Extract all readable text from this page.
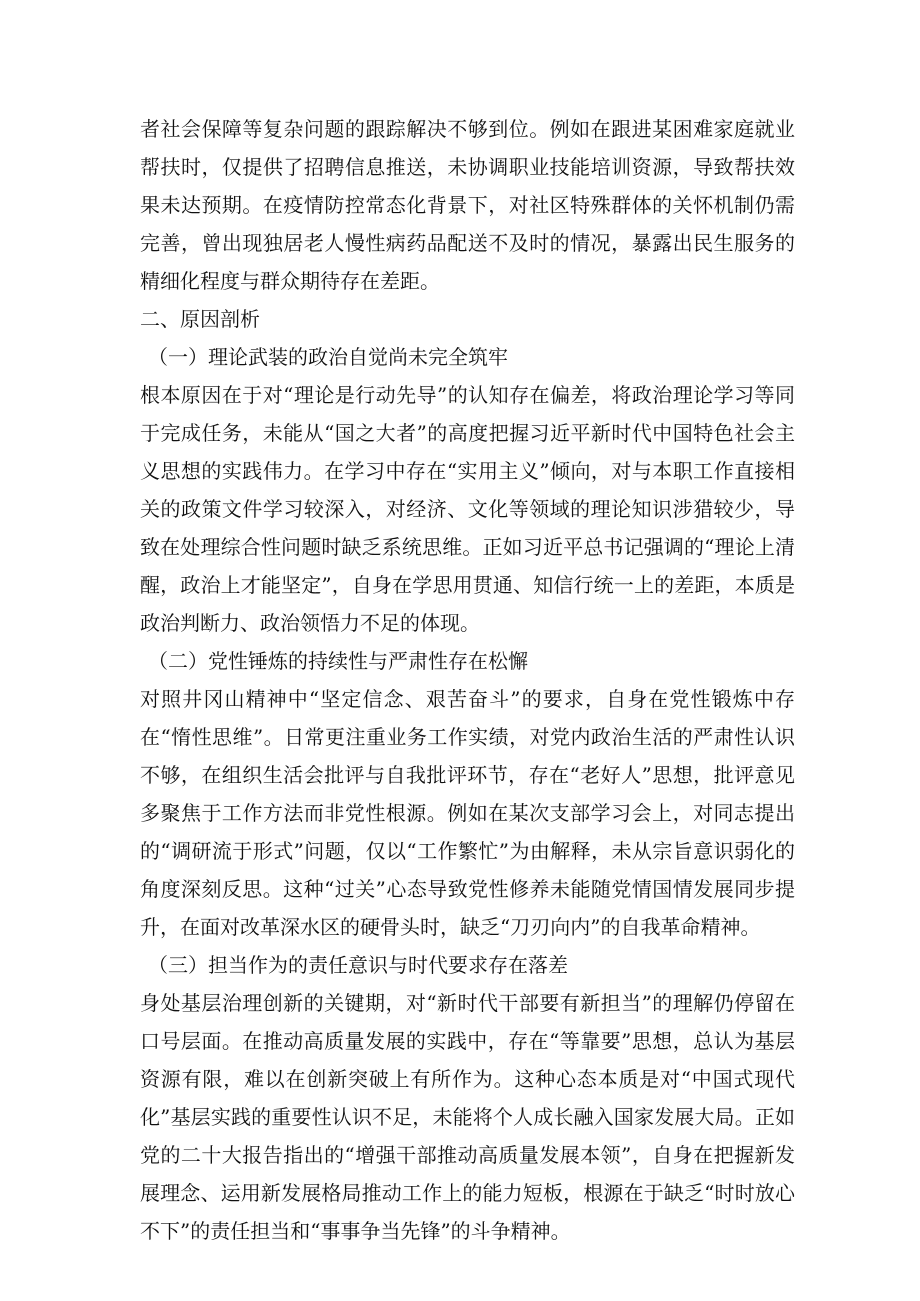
者社会保障等复杂问题的跟踪解决不够到位。例如在跟进某困难家庭就业帮扶时，仅提供了招聘信息推送，未协调职业技能培训资源，导致帮扶效果未达预期。在疫情防控常态化背景下，对社区特殊群体的关怀机制仍需完善，曾出现独居老人慢性病药品配送不及时的情况，暴露出民生服务的精细化程度与群众期待存在差距。

二、原因剖析

（一）理论武装的政治自觉尚未完全筑牢

根本原因在于对“理论是行动先导”的认知存在偏差，将政治理论学习等同于完成任务，未能从“国之大者”的高度把握习近平新时代中国特色社会主义思想的实践伟力。在学习中存在“实用主义”倾向，对与本职工作直接相关的政策文件学习较深入，对经济、文化等领域的理论知识涉猎较少，导致在处理综合性问题时缺乏系统思维。正如习近平总书记强调的“理论上清醒，政治上才能坚定”，自身在学思用贯通、知信行统一上的差距，本质是政治判断力、政治领悟力不足的体现。

（二）党性锤炼的持续性与严肃性存在松懈

对照井冈山精神中“坚定信念、艰苦奋斗”的要求，自身在党性锻炼中存在“惰性思维”。日常更注重业务工作实绩，对党内政治生活的严肃性认识不够，在组织生活会批评与自我批评环节，存在“老好人”思想，批评意见多聚焦于工作方法而非党性根源。例如在某次支部学习会上，对同志提出的“调研流于形式”问题，仅以“工作繁忙”为由解释，未从宗旨意识弱化的角度深刻反思。这种“过关”心态导致党性修养未能随党情国情发展同步提升，在面对改革深水区的硬骨头时，缺乏“刀刃向内”的自我革命精神。

（三）担当作为的责任意识与时代要求存在落差

身处基层治理创新的关键期，对“新时代干部要有新担当”的理解仍停留在口号层面。在推动高质量发展的实践中，存在“等靠要”思想，总认为基层资源有限，难以在创新突破上有所作为。这种心态本质是对“中国式现代化”基层实践的重要性认识不足，未能将个人成长融入国家发展大局。正如党的二十大报告指出的“增强干部推动高质量发展本领”，自身在把握新发展理念、运用新发展格局推动工作上的能力短板，根源在于缺乏“时时放心不下”的责任担当和“事事争当先锋”的斗争精神。
